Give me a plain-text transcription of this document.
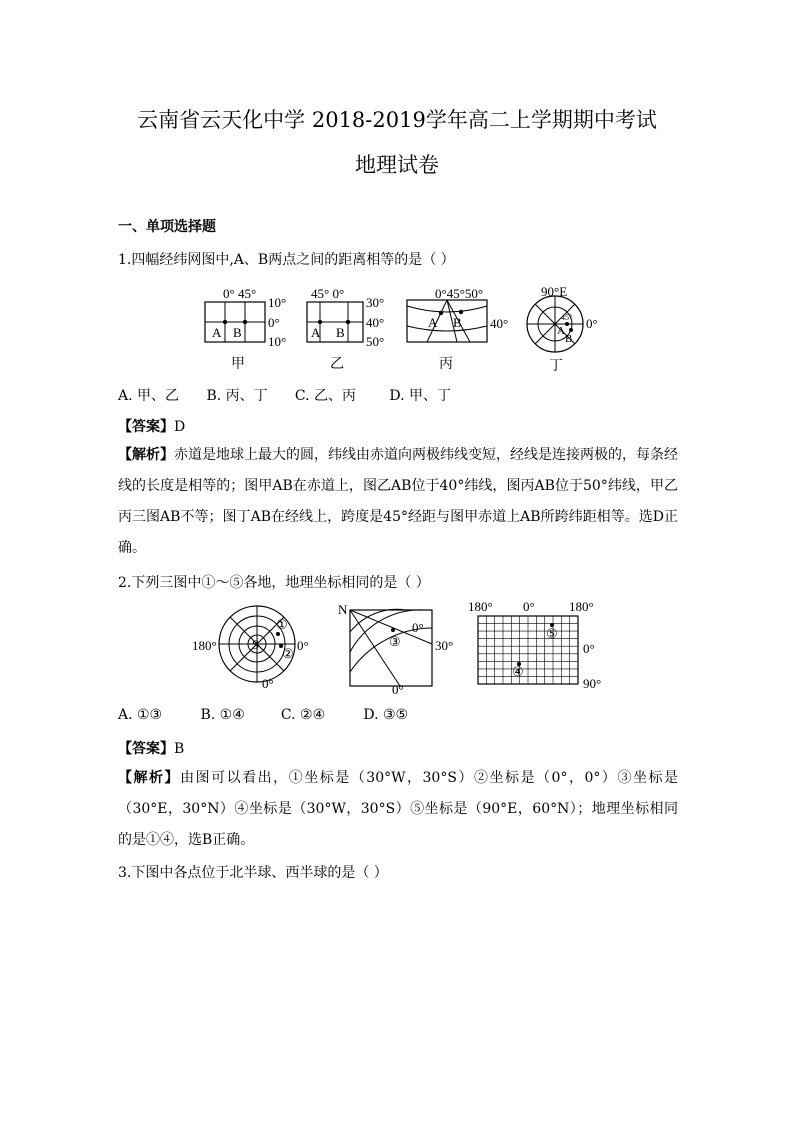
云南省云天化中学 2018-2019学年高二上学期期中考试
地理试卷
一、单项选择题
1.四幅经纬网图中,A、B两点之间的距离相等的是（ ）
0° 45°
A B
10°
0°
10°
甲
45° 0°
A B
30°
40°
50°
乙
0°45°50°
A B 40°
丙
90°E
45°
A
B
0°
丁
A. 甲、乙 B. 丙、丁 C. 乙、丙 D. 甲、丁
【答案】D
【解析】赤道是地球上最大的圆，纬线由赤道向两极纬线变短，经线是连接两极的，每条经线的长度是相等的；图甲AB在赤道上，图乙AB位于40°纬线，图丙AB位于50°纬线，甲乙丙三图AB不等；图丁AB在经线上，跨度是45°经距与图甲赤道上AB所跨纬距相等。选D正确。
2.下列三图中①～⑤各地，地理坐标相同的是（ ）
180°	S
①
②
0°
0°
N
③
0°
30°
0°
180° 0°	180°
⑤
0°
④
90°
A. ①③	B. ①④	C. ②④	D. ③⑤
【答案】B
【解析】由图可以看出，①坐标是（30°W，30°S）②坐标是（0°，0°）③坐标是（30°E，30°N）④坐标是（30°W，30°S）⑤坐标是（90°E，60°N）；地理坐标相同的是①④，选B正确。
3.下图中各点位于北半球、西半球的是（ ）
